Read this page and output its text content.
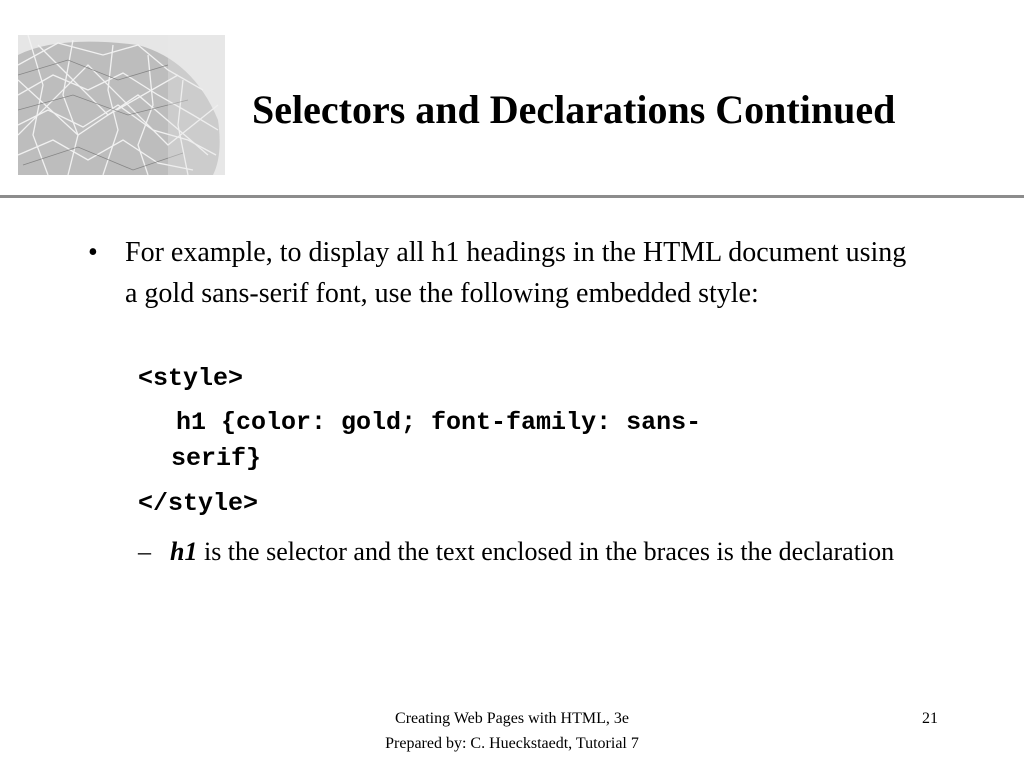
Selectors and Declarations Continued
• For example, to display all h1 headings in the HTML document using a gold sans-serif font, use the following embedded style:
<style>
h1 {color: gold; font-family: sans-
serif}
</style>
– h1 is the selector and the text enclosed in the braces is the declaration
Creating Web Pages with HTML, 3e
Prepared by: C. Hueckstaedt, Tutorial 7
21
